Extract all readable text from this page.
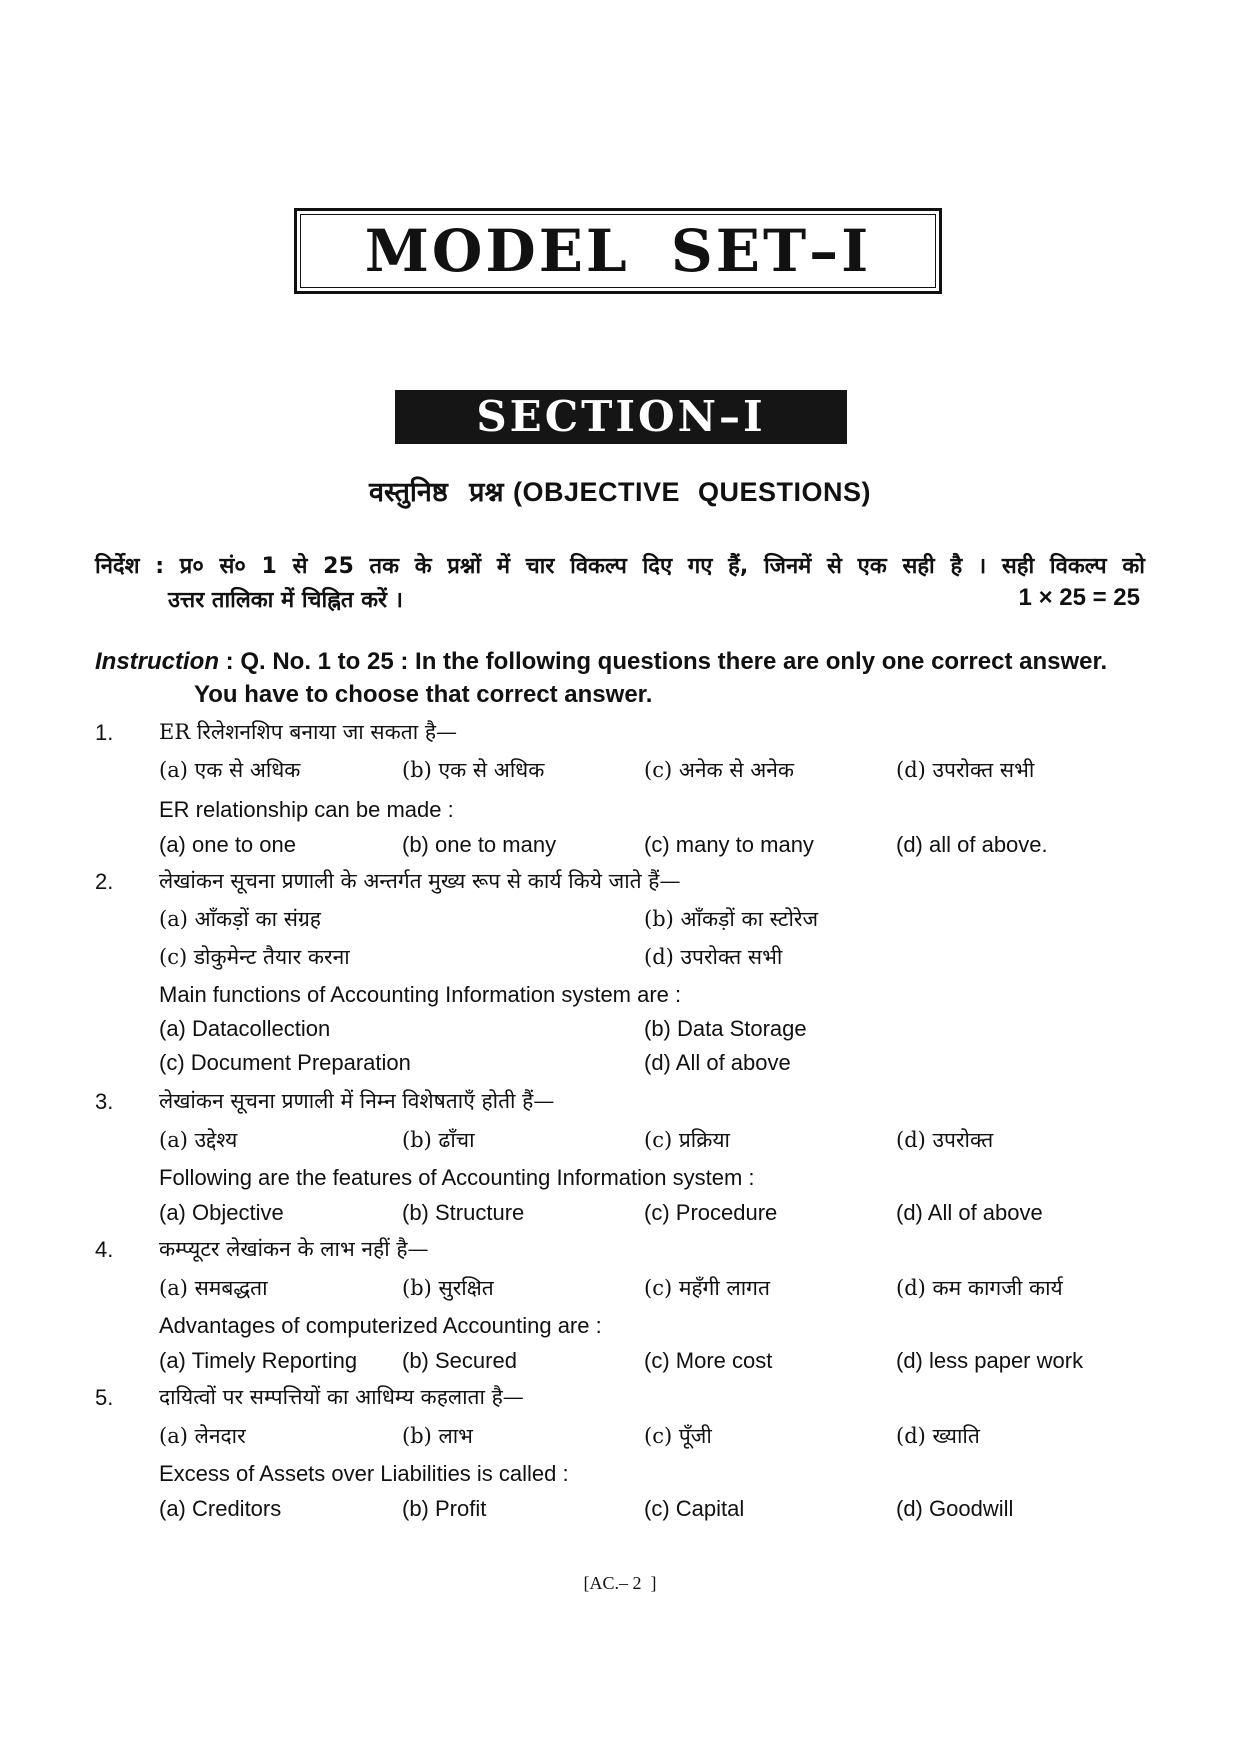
MODEL SET–I
SECTION–I
वस्तुनिष्ठ प्रश्न (OBJECTIVE QUESTIONS)
निर्देश : प्र० सं० 1 से 25 तक के प्रश्नों में चार विकल्प दिए गए हैं, जिनमें से एक सही है । सही विकल्प को
उत्तर तालिका में चिह्नित करें ।	1 × 25 = 25
Instruction : Q. No. 1 to 25 : In the following questions there are only one correct answer.
You have to choose that correct answer.
1. ER रिलेशनशिप बनाया जा सकता है—
(a) एक से अधिक	(b) एक से अधिक	(c) अनेक से अनेक	(d) उपरोक्त सभी
ER relationship can be made :
(a) one to one	(b) one to many	(c) many to many	(d) all of above.
2. लेखांकन सूचना प्रणाली के अन्तर्गत मुख्य रूप से कार्य किये जाते हैं—
(a) आँकड़ों का संग्रह	(b) आँकड़ों का स्टोरेज
(c) डोकुमेन्ट तैयार करना	(d) उपरोक्त सभी
Main functions of Accounting Information system are :
(a) Datacollection	(b) Data Storage
(c) Document Preparation	(d) All of above
3. लेखांकन सूचना प्रणाली में निम्न विशेषताएँ होती हैं—
(a) उद्देश्य	(b) ढाँचा	(c) प्रक्रिया	(d) उपरोक्त
Following are the features of Accounting Information system :
(a) Objective	(b) Structure	(c) Procedure	(d) All of above
4. कम्प्यूटर लेखांकन के लाभ नहीं है—
(a) समबद्धता	(b) सुरक्षित	(c) महँगी लागत	(d) कम कागजी कार्य
Advantages of computerized Accounting are :
(a) Timely Reporting (b) Secured	(c) More cost	(d) less paper work
5. दायित्वों पर सम्पत्तियों का आधिम्य कहलाता है—
(a) लेनदार	(b) लाभ	(c) पूँजी	(d) ख्याति
Excess of Assets over Liabilities is called :
(a) Creditors	(b) Profit	(c) Capital	(d) Goodwill
[AC.– 2  ]
